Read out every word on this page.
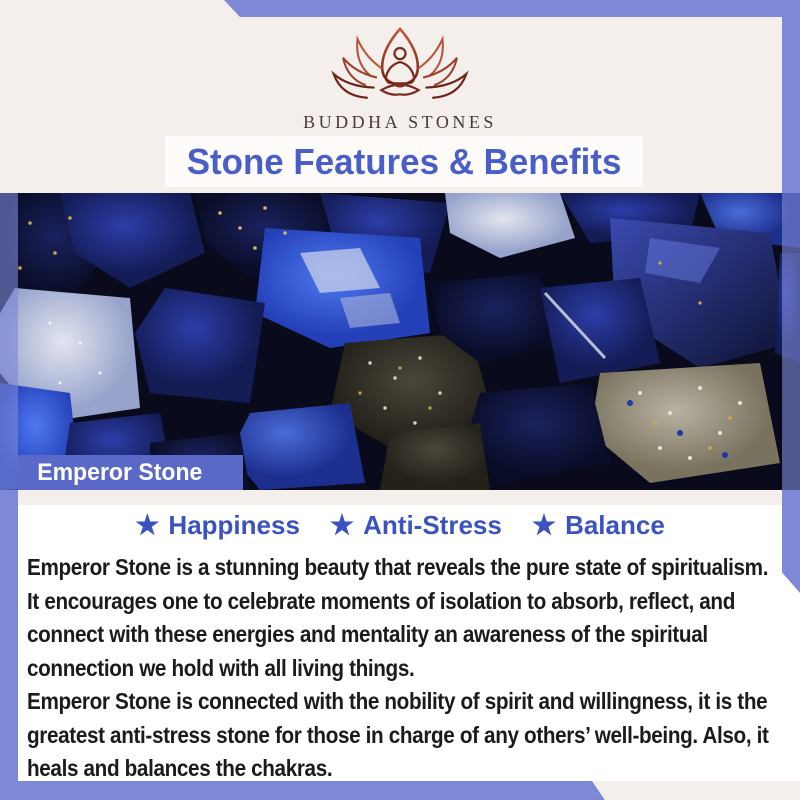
BUDDHA STONES
Stone Features & Benefits
Emperor Stone
★ Happiness ★ Anti-Stress ★ Balance
Emperor Stone is a stunning beauty that reveals the pure state of spiritualism.
It encourages one to celebrate moments of isolation to absorb, reflect, and
connect with these energies and mentality an awareness of the spiritual
connection we hold with all living things.
Emperor Stone is connected with the nobility of spirit and willingness, it is the
greatest anti-stress stone for those in charge of any others’ well-being. Also, it
heals and balances the chakras.
